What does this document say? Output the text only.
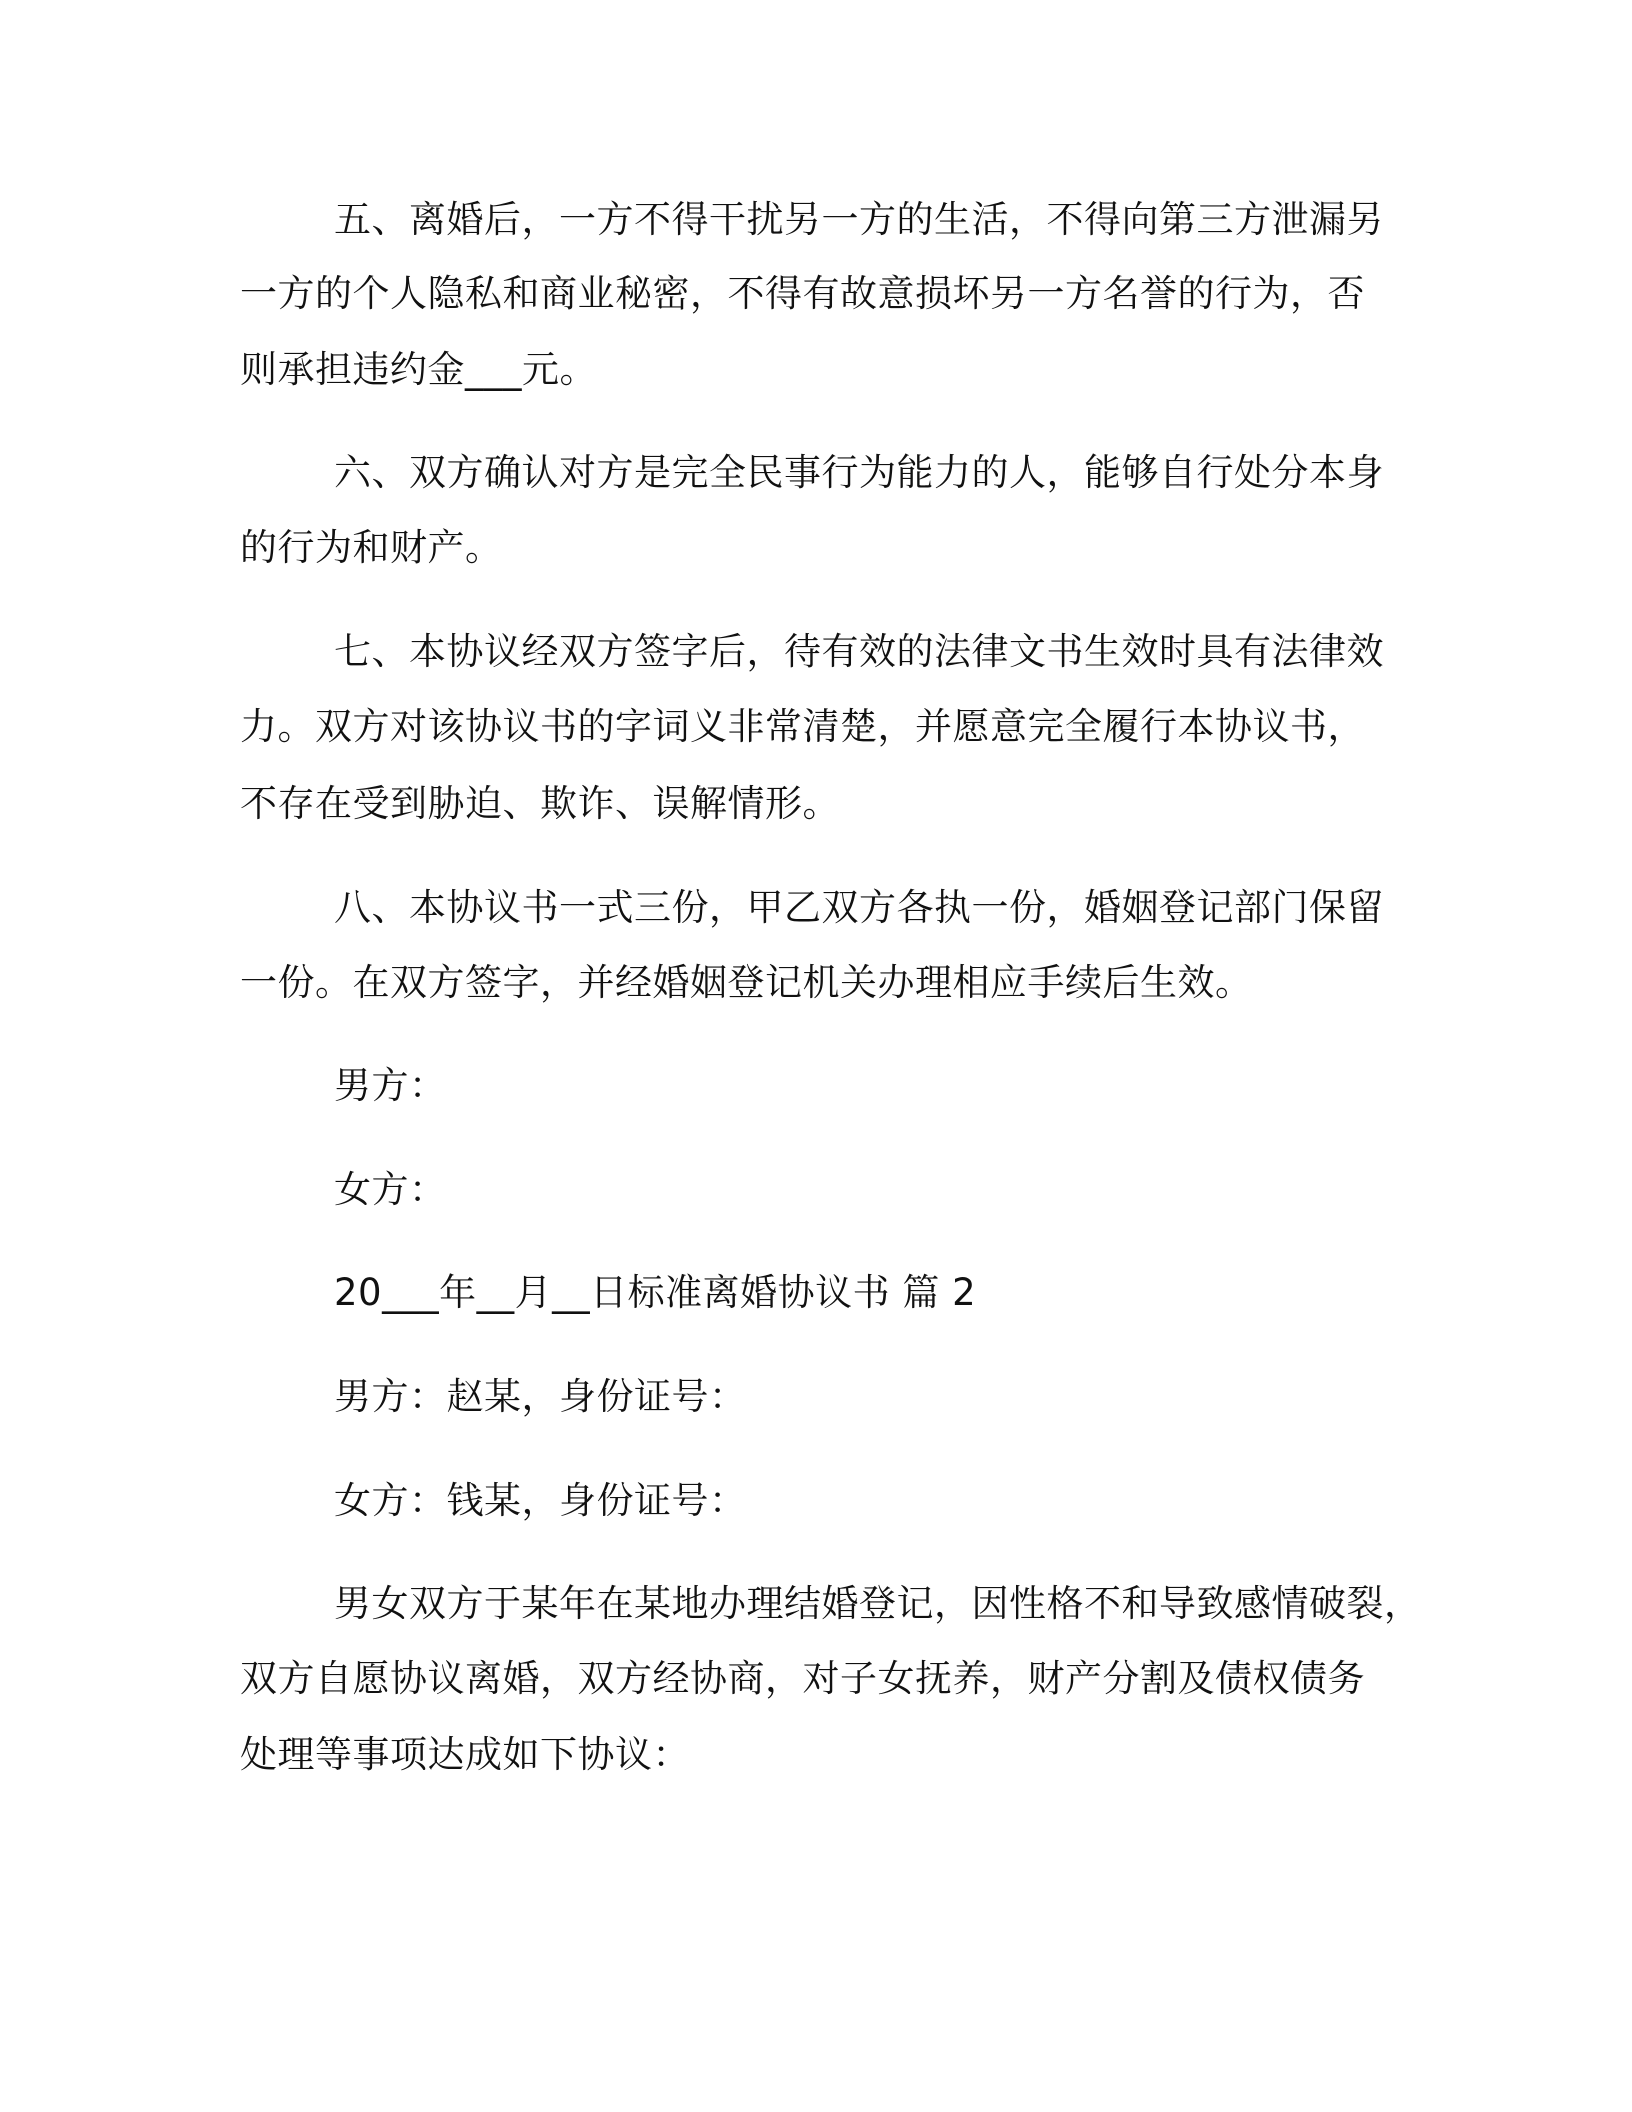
五、离婚后，一方不得干扰另一方的生活，不得向第三方泄漏另

一方的个人隐私和商业秘密，不得有故意损坏另一方名誉的行为，否

则承担违约金___元。

六、双方确认对方是完全民事行为能力的人，能够自行处分本身

的行为和财产。

七、本协议经双方签字后，待有效的法律文书生效时具有法律效

力。双方对该协议书的字词义非常清楚，并愿意完全履行本协议书，

不存在受到胁迫、欺诈、误解情形。

八、本协议书一式三份，甲乙双方各执一份，婚姻登记部门保留

一份。在双方签字，并经婚姻登记机关办理相应手续后生效。

男方：

女方：

20___年__月__日标准离婚协议书 篇 2

男方：赵某，身份证号：

女方：钱某，身份证号：

男女双方于某年在某地办理结婚登记，因性格不和导致感情破裂，

双方自愿协议离婚，双方经协商，对子女抚养，财产分割及债权债务

处理等事项达成如下协议：
